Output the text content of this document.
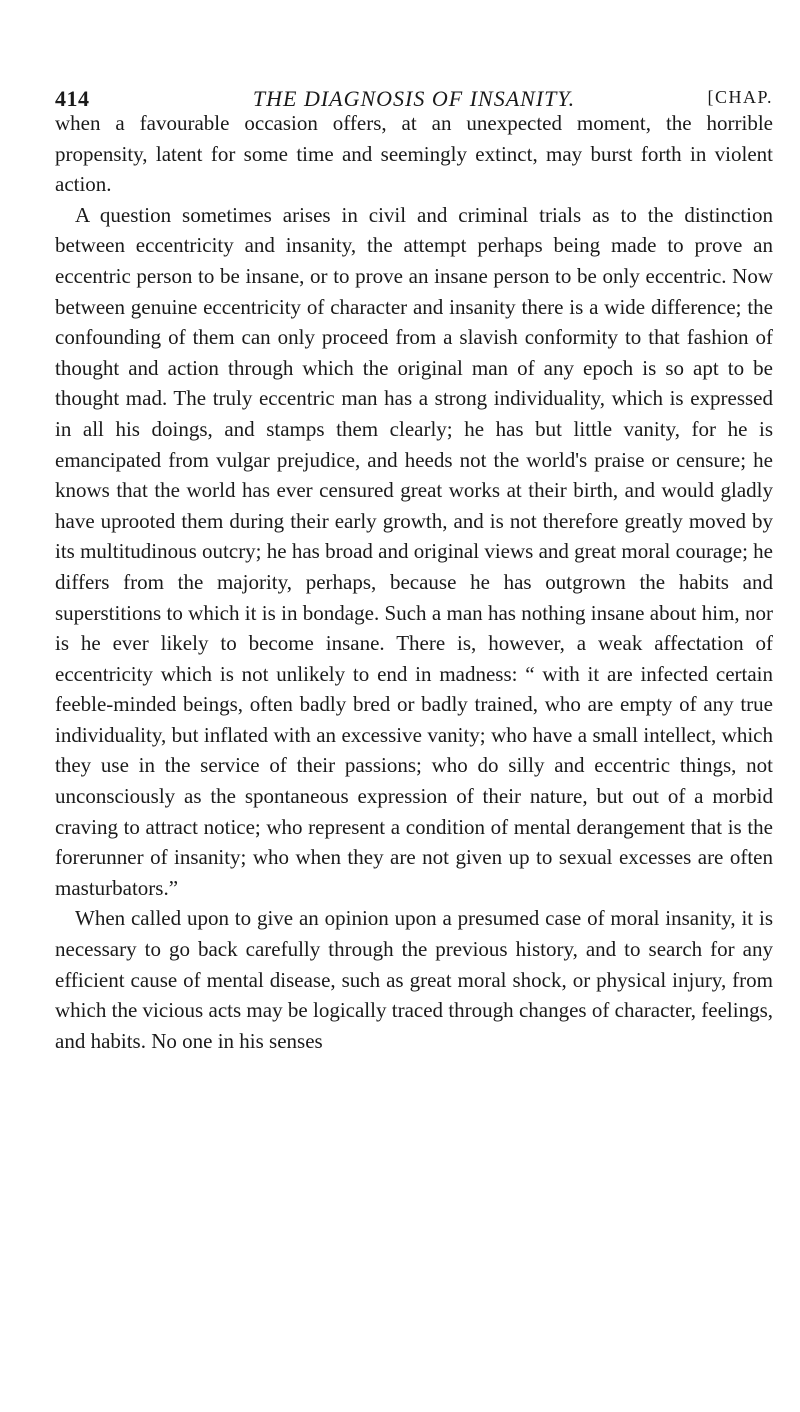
414	THE DIAGNOSIS OF INSANITY.	[CHAP.

when a favourable occasion offers, at an unexpected moment, the horrible propensity, latent for some time and seemingly extinct, may burst forth in violent action.

A question sometimes arises in civil and criminal trials as to the distinction between eccentricity and insanity, the attempt perhaps being made to prove an eccentric person to be insane, or to prove an insane person to be only eccentric. Now between genuine eccentricity of character and insanity there is a wide difference; the confounding of them can only proceed from a slavish conformity to that fashion of thought and action through which the original man of any epoch is so apt to be thought mad. The truly eccentric man has a strong individuality, which is expressed in all his doings, and stamps them clearly; he has but little vanity, for he is emancipated from vulgar prejudice, and heeds not the world's praise or censure; he knows that the world has ever censured great works at their birth, and would gladly have uprooted them during their early growth, and is not therefore greatly moved by its multitudinous outcry; he has broad and original views and great moral courage; he differs from the majority, perhaps, because he has outgrown the habits and superstitions to which it is in bondage. Such a man has nothing insane about him, nor is he ever likely to become insane. There is, however, a weak affectation of eccentricity which is not unlikely to end in madness: “ with it are infected certain feeble-minded beings, often badly bred or badly trained, who are empty of any true individuality, but inflated with an excessive vanity; who have a small intellect, which they use in the service of their passions; who do silly and eccentric things, not unconsciously as the spontaneous expression of their nature, but out of a morbid craving to attract notice; who represent a condition of mental derangement that is the forerunner of insanity; who when they are not given up to sexual excesses are often masturbators.”

When called upon to give an opinion upon a presumed case of moral insanity, it is necessary to go back carefully through the previous history, and to search for any efficient cause of mental disease, such as great moral shock, or physical injury, from which the vicious acts may be logically traced through changes of character, feelings, and habits. No one in his senses
